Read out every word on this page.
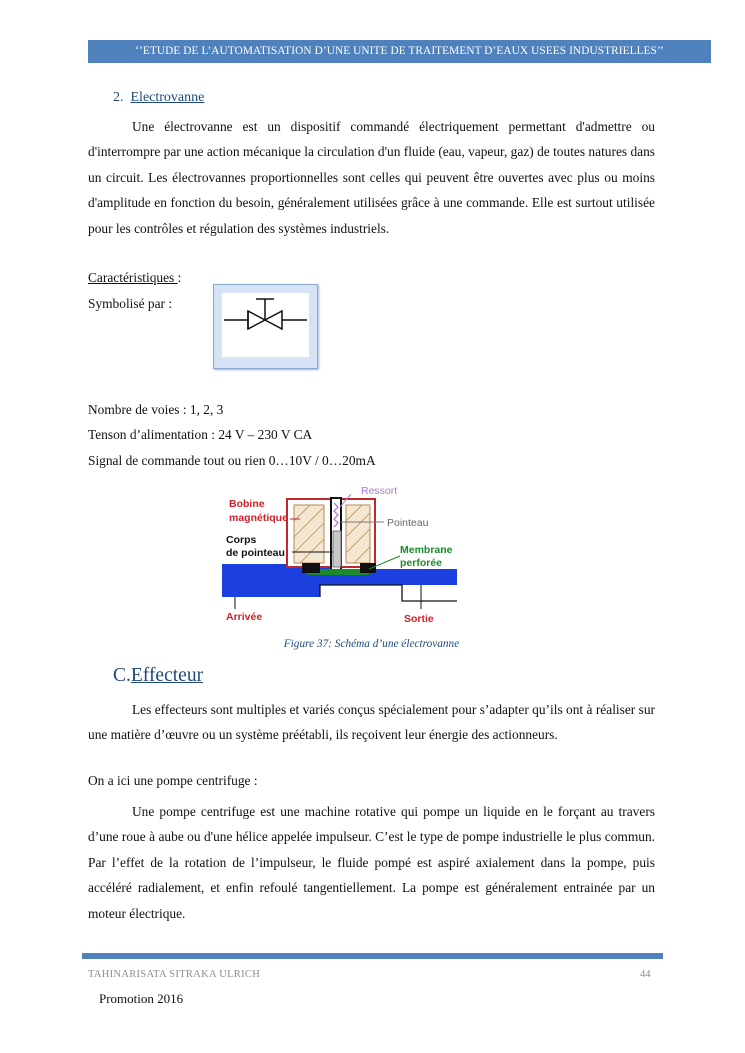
‘’ETUDE DE L’AUTOMATISATION D’UNE UNITE DE TRAITEMENT D’EAUX USEES INDUSTRIELLES’’
2. Electrovanne
Une électrovanne est un dispositif commandé électriquement permettant d'admettre ou d'interrompre par une action mécanique la circulation d'un fluide (eau, vapeur, gaz) de toutes natures dans un circuit. Les électrovannes proportionnelles sont celles qui peuvent être ouvertes avec plus ou moins d'amplitude en fonction du besoin, généralement utilisées grâce à une commande. Elle est surtout utilisée pour les contrôles et régulation des systèmes industriels.
Caractéristiques :
Symbolisé par :
Nombre de voies : 1, 2, 3
Tenson d’alimentation : 24 V – 230 V CA
Signal de commande tout ou rien 0…10V / 0…20mA
Ressort
Bobine
magnétique	Pointeau
Corps
de pointeau	Membrane
perforée
Arrivée	Sortie
Figure 37: Schéma d’une électrovanne
C.Effecteur
Les effecteurs sont multiples et variés conçus spécialement pour s’adapter qu’ils ont à réaliser sur une matière d’œuvre ou un système préétabli, ils reçoivent leur énergie des actionneurs.
On a ici une pompe centrifuge :
Une pompe centrifuge est une machine rotative qui pompe un liquide en le forçant au travers d’une roue à aube ou d'une hélice appelée impulseur. C’est le type de pompe industrielle le plus commun. Par l’effet de la rotation de l’impulseur, le fluide pompé est aspiré axialement dans la pompe, puis accéléré radialement, et enfin refoulé tangentiellement. La pompe est généralement entrainée par un moteur électrique.
TAHINARISATA SITRAKA ULRICH	44
Promotion 2016
